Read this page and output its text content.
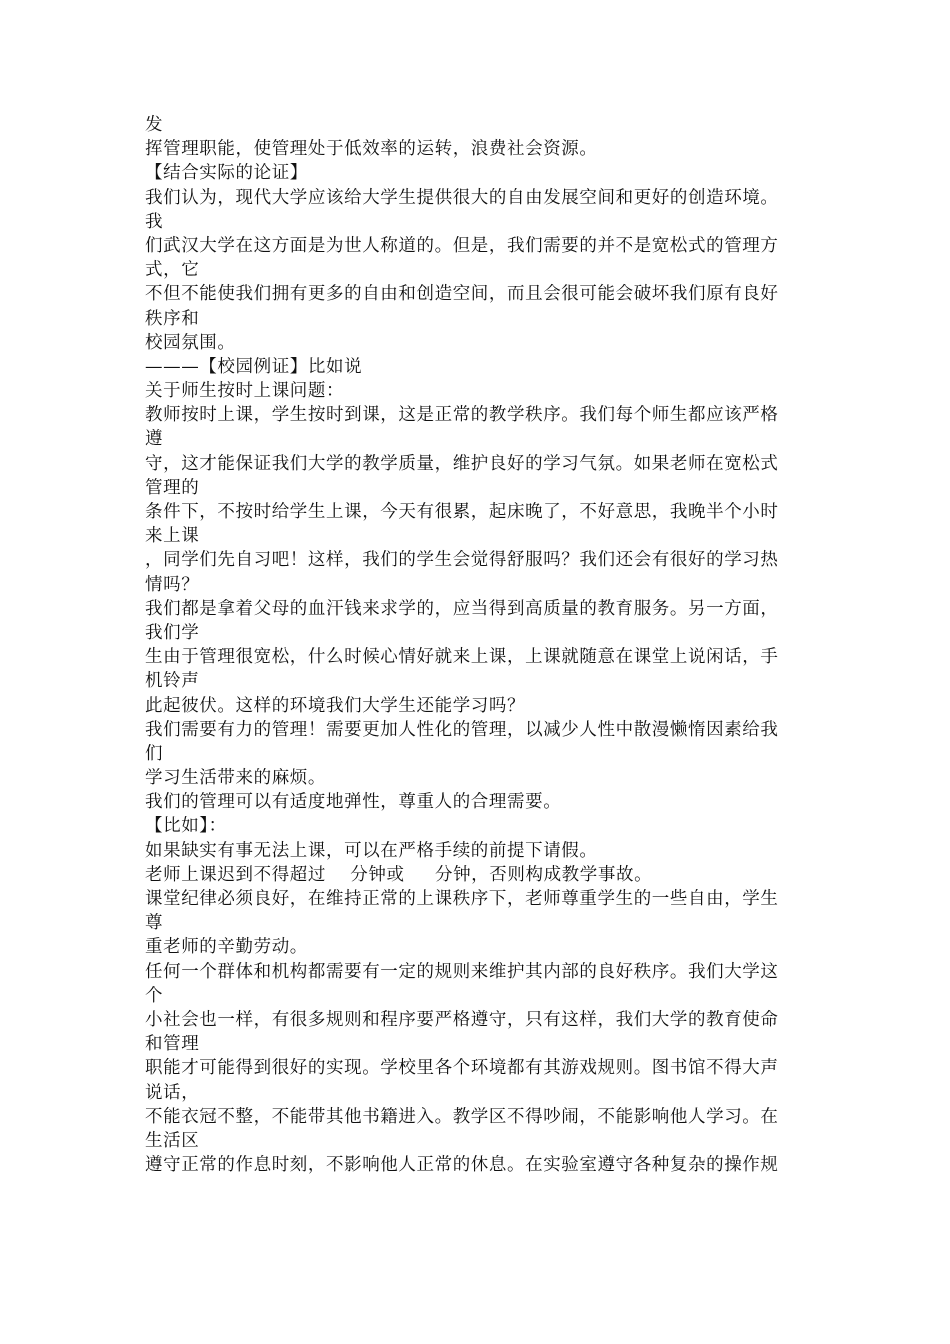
发
挥管理职能，使管理处于低效率的运转，浪费社会资源。
【结合实际的论证】
我们认为，现代大学应该给大学生提供很大的自由发展空间和更好的创造环境。
我
们武汉大学在这方面是为世人称道的。但是，我们需要的并不是宽松式的管理方
式，它
不但不能使我们拥有更多的自由和创造空间，而且会很可能会破坏我们原有良好
秩序和
校园氛围。
———【校园例证】比如说
关于师生按时上课问题：
教师按时上课，学生按时到课，这是正常的教学秩序。我们每个师生都应该严格
遵
守，这才能保证我们大学的教学质量，维护良好的学习气氛。如果老师在宽松式
管理的
条件下，不按时给学生上课，今天有很累，起床晚了，不好意思，我晚半个小时
来上课
，同学们先自习吧！这样，我们的学生会觉得舒服吗？我们还会有很好的学习热
情吗？
我们都是拿着父母的血汗钱来求学的，应当得到高质量的教育服务。另一方面，
我们学
生由于管理很宽松，什么时候心情好就来上课，上课就随意在课堂上说闲话，手
机铃声
此起彼伏。这样的环境我们大学生还能学习吗？
我们需要有力的管理！需要更加人性化的管理，以减少人性中散漫懒惰因素给我
们
学习生活带来的麻烦。
我们的管理可以有适度地弹性，尊重人的合理需要。
【比如】：
如果缺实有事无法上课，可以在严格手续的前提下请假。
老师上课迟到不得超过　 分钟或　  分钟，否则构成教学事故。
课堂纪律必须良好，在维持正常的上课秩序下，老师尊重学生的一些自由，学生
尊
重老师的辛勤劳动。
任何一个群体和机构都需要有一定的规则来维护其内部的良好秩序。我们大学这
个
小社会也一样，有很多规则和程序要严格遵守，只有这样，我们大学的教育使命
和管理
职能才可能得到很好的实现。学校里各个环境都有其游戏规则。图书馆不得大声
说话，
不能衣冠不整，不能带其他书籍进入。教学区不得吵闹，不能影响他人学习。在
生活区
遵守正常的作息时刻，不影响他人正常的休息。在实验室遵守各种复杂的操作规
